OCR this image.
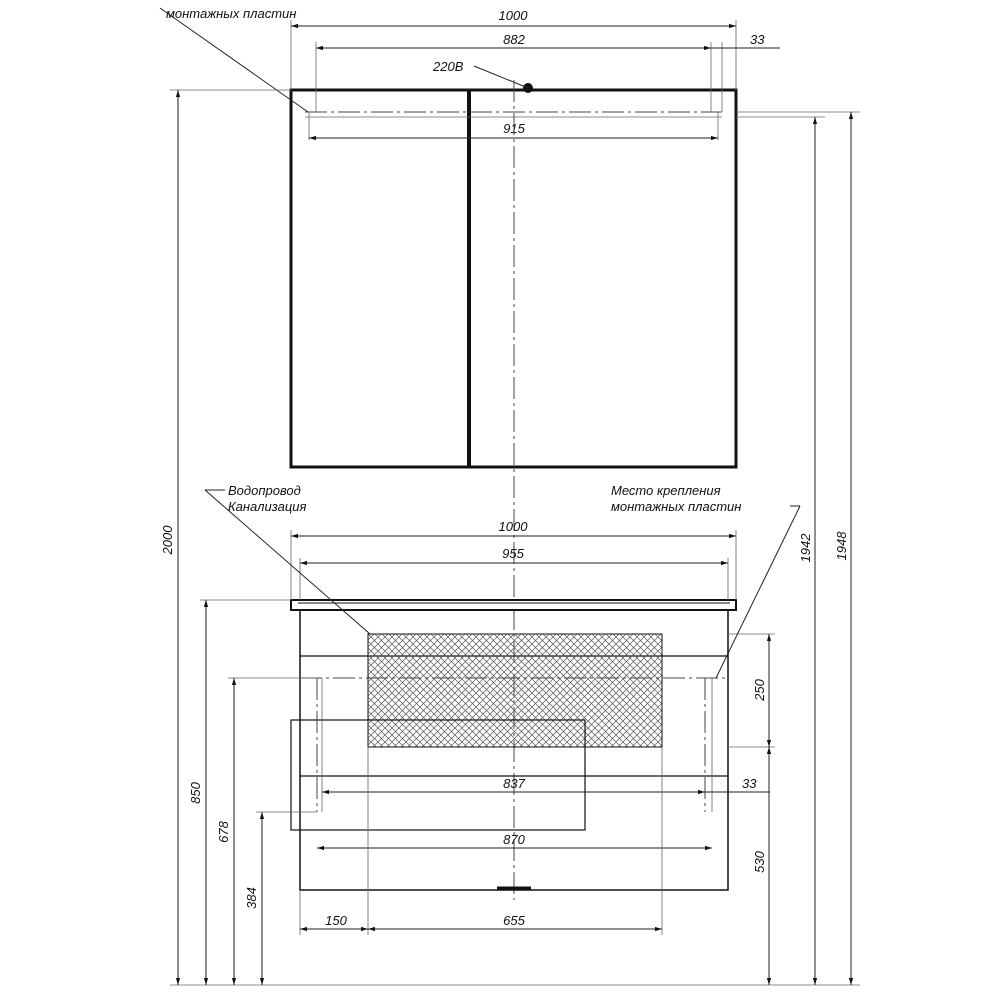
1000
882	33
915
220В
монтажных пластин
1000
955
837	33
870
150	655
2000
850
678
384
1948
1942
250
530
Водопровод
Канализация
Место крепления
монтажных пластин
